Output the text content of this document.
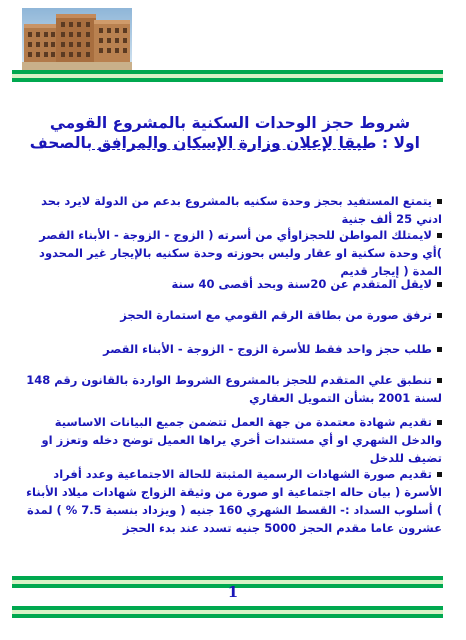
شروط حجز الوحدات السكنية بالمشروع القومي
اولا : طبقا لإعلان وزارة الإسكان والمرافق بالصحف
يتمتع المستفيد بحجز وحدة سكنيه بالمشروع بدعم من الدولة لايرد بحد ادني 25 ألف جنية
لايمتلك المواطن للحجزاوأي من أسرته ( الزوج - الزوجة - الأبناء القصر )أي وحدة سكنية او عقار وليس بحوزته وحدة سكنيه بالإيجار غير المحدود المدة ( إيجار قديم
لايقل المتقدم عن 20سنة وبحد أقصى 40 سنة
ترفق صورة من بطاقة الرقم القومي مع استمارة الحجز
طلب حجز واحد فقط للأسرة الزوج - الزوجة - الأبناء القصر
تنطبق علي المتقدم للحجز بالمشروع الشروط الواردة بالقانون رقم 148 لسنة 2001 بشأن التمويل العقاري
تقديم شهادة معتمدة من جهة العمل تتضمن جميع البيانات الاساسية والدخل الشهري او أي مستندات أخري يراها العميل توضح دخله وتعزز او تضيف للدخل
تقديم صورة الشهادات الرسمية المثبتة للحالة الاجتماعية وعدد أفراد الأسرة ( بيان حاله اجتماعية او صورة من وثيقة الزواج شهادات ميلاد الأبناء ) أسلوب السداد :- القسط الشهري 160 جنيه ( ويزداد بنسبة 7.5 % ) لمدة عشرون عاما مقدم الحجز 5000 جنيه تسدد عند بدء الحجز
1
